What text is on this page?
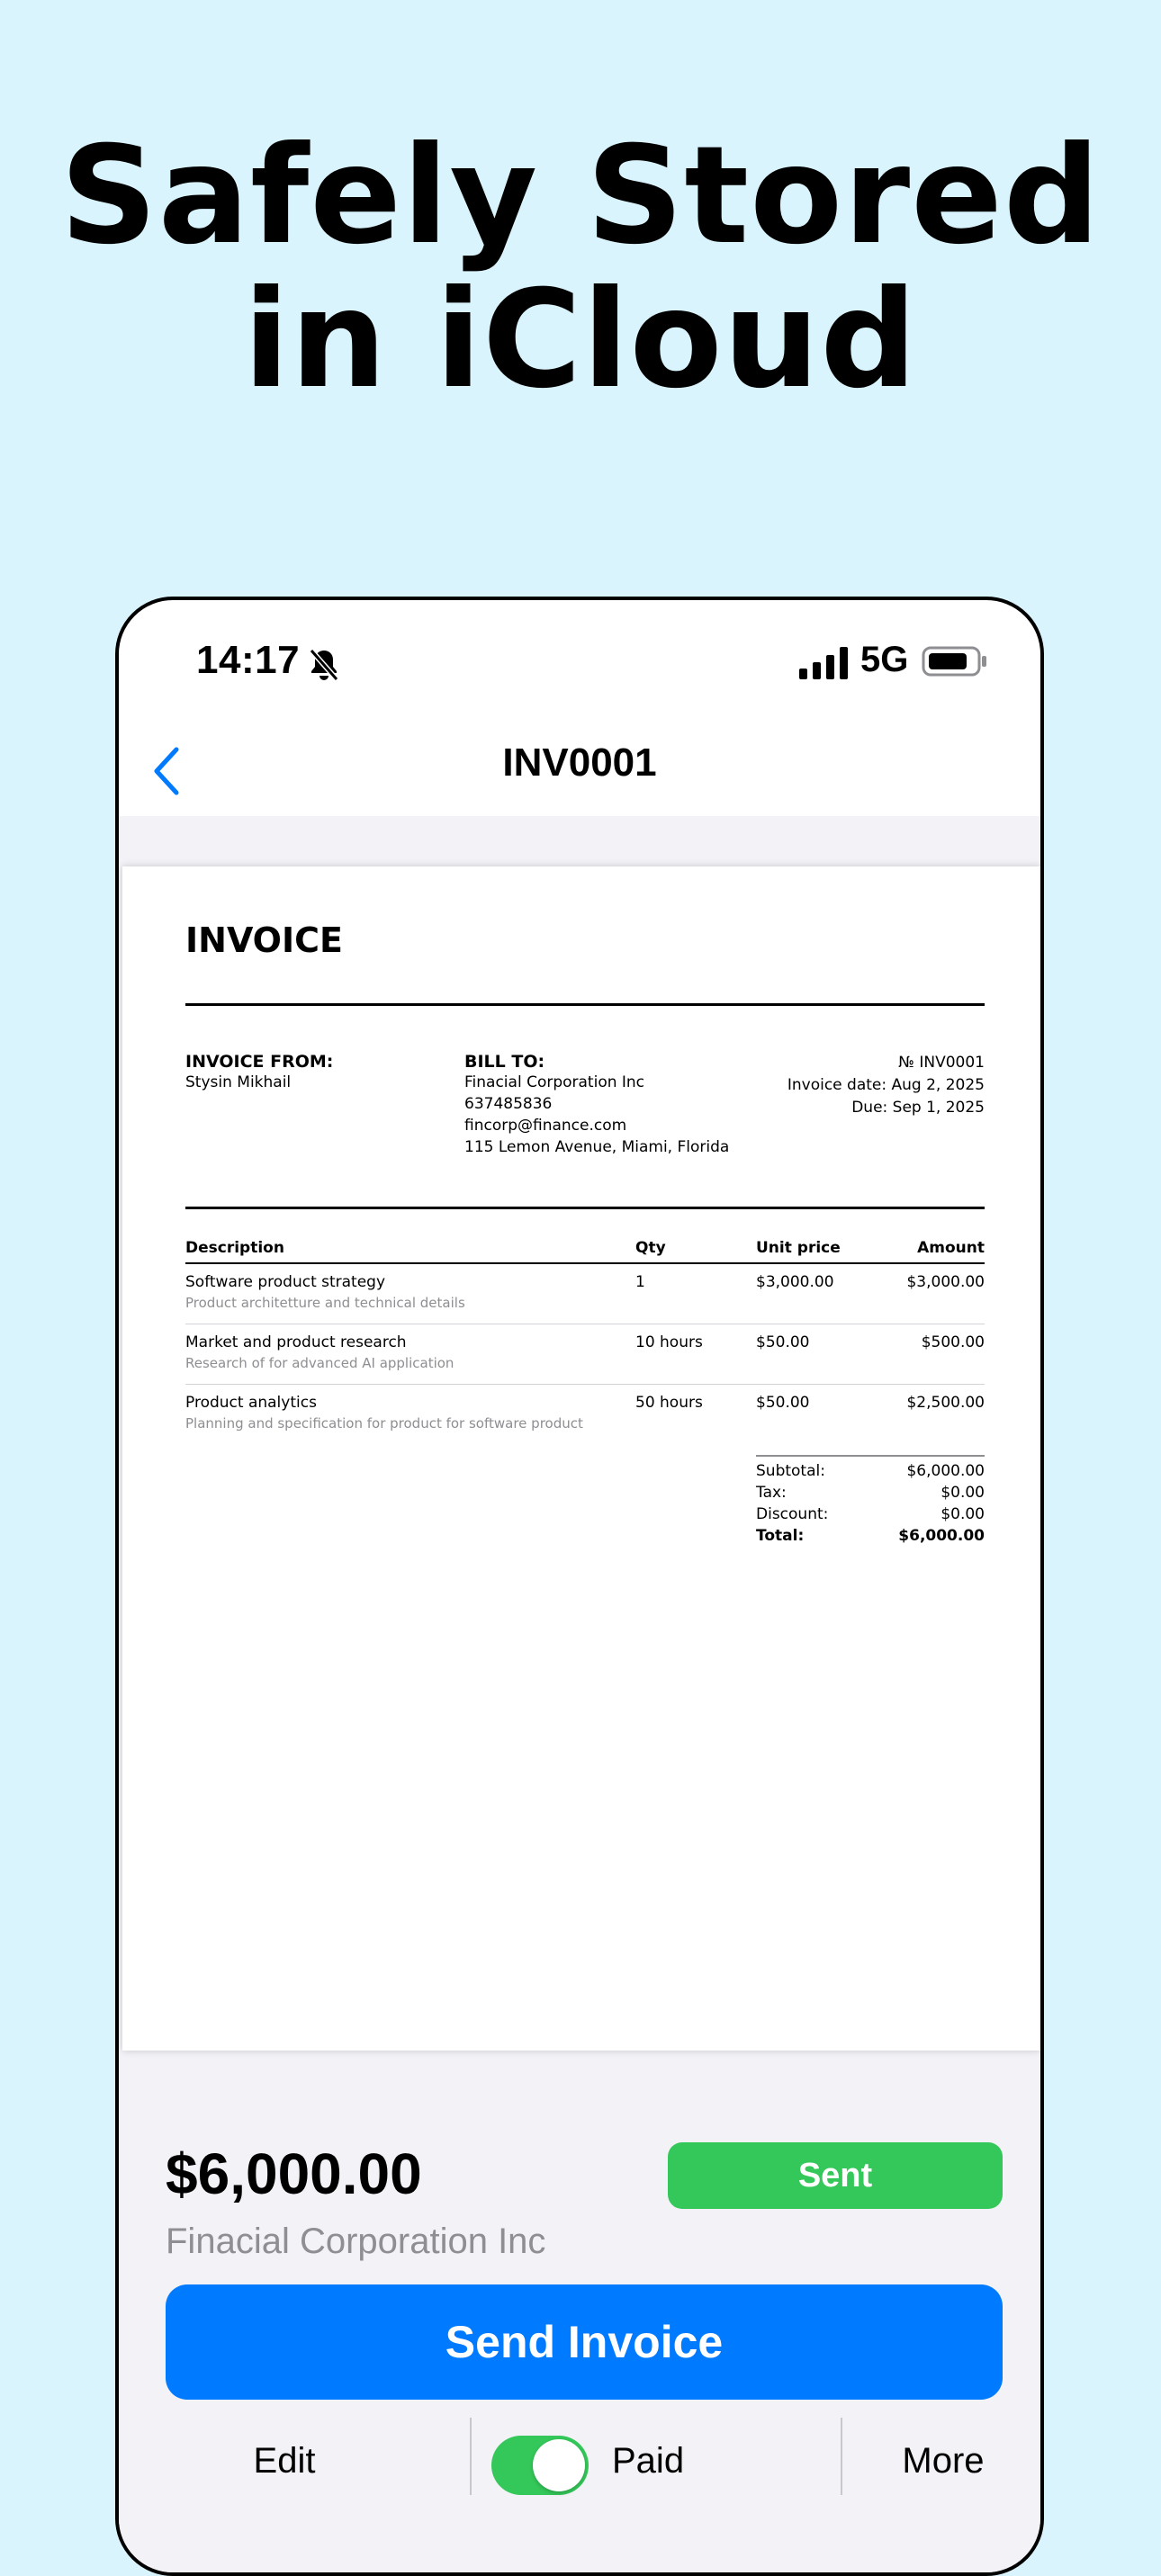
Safely Stored
in iCloud
14:17	5G
INV0001
INVOICE
INVOICE FROM:
Stysin Mikhail
BILL TO:
Finacial Corporation Inc
637485836
fincorp@finance.com
115 Lemon Avenue, Miami, Florida
№ INV0001
Invoice date: Aug 2, 2025
Due: Sep 1, 2025
Description	Qty	Unit price	Amount
Software product strategy
Product architetture and technical details
1	$3,000.00	$3,000.00
Market and product research
Research of for advanced AI application
10 hours	$50.00	$500.00
Product analytics
Planning and specification for product for software product
50 hours	$50.00	$2,500.00
Subtotal:	$6,000.00
Tax:	$0.00
Discount:	$0.00
Total:	$6,000.00
$6,000.00
Finacial Corporation Inc
Sent
Send Invoice
Edit	Paid	More
